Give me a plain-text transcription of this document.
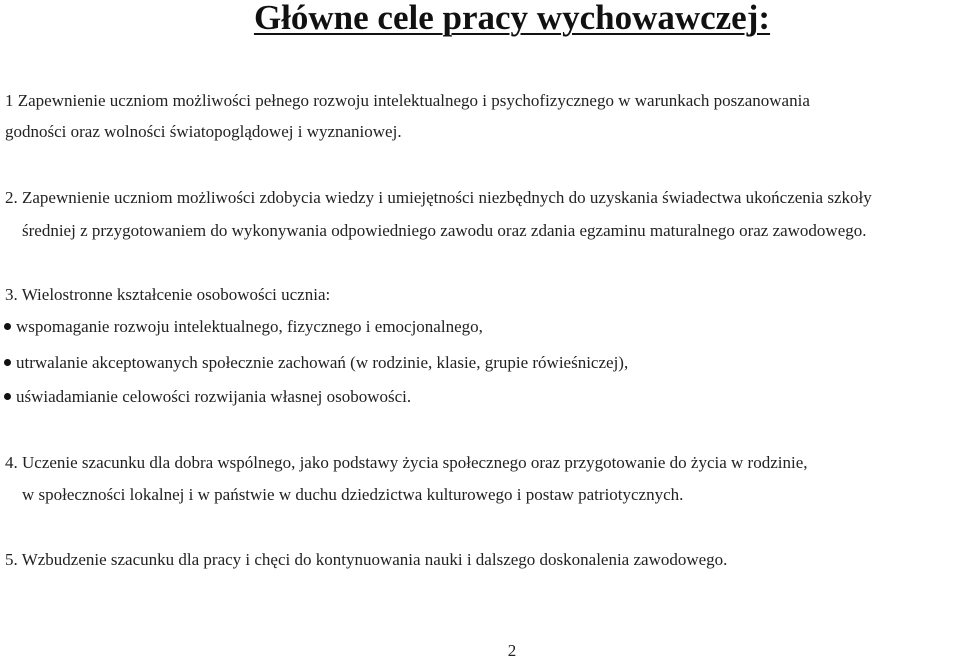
Główne cele pracy wychowawczej:
1 Zapewnienie uczniom możliwości pełnego rozwoju intelektualnego i psychofizycznego w warunkach poszanowania
godności oraz wolności światopoglądowej i wyznaniowej.
2. Zapewnienie uczniom możliwości zdobycia wiedzy i umiejętności niezbędnych do uzyskania świadectwa ukończenia szkoły
średniej z przygotowaniem do wykonywania odpowiedniego zawodu oraz zdania egzaminu maturalnego oraz zawodowego.
3. Wielostronne kształcenie osobowości ucznia:
wspomaganie rozwoju intelektualnego, fizycznego i emocjonalnego,
utrwalanie akceptowanych społecznie zachowań (w rodzinie, klasie, grupie rówieśniczej),
uświadamianie celowości rozwijania własnej osobowości.
4. Uczenie szacunku dla dobra wspólnego, jako podstawy życia społecznego oraz przygotowanie do życia w rodzinie,
w społeczności lokalnej i w państwie w duchu dziedzictwa kulturowego i postaw patriotycznych.
5. Wzbudzenie szacunku dla pracy i chęci do kontynuowania nauki i dalszego doskonalenia zawodowego.
2
